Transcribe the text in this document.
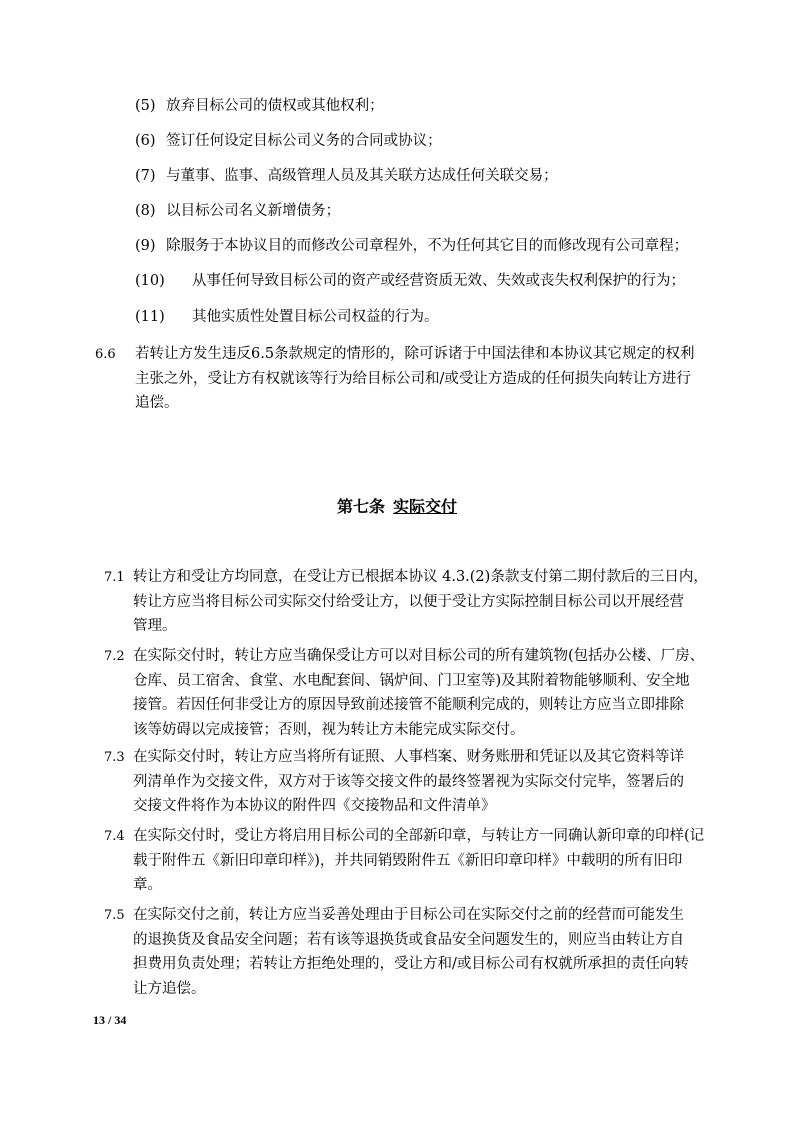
(5) 放弃目标公司的债权或其他权利；
(6) 签订任何设定目标公司义务的合同或协议；
(7) 与董事、监事、高级管理人员及其关联方达成任何关联交易；
(8) 以目标公司名义新增债务；
(9) 除服务于本协议目的而修改公司章程外，不为任何其它目的而修改现有公司章程；
(10) 从事任何导致目标公司的资产或经营资质无效、失效或丧失权利保护的行为；
(11) 其他实质性处置目标公司权益的行为。
6.6 若转让方发生违反6.5条款规定的情形的，除可诉诸于中国法律和本协议其它规定的权利
主张之外，受让方有权就该等行为给目标公司和/或受让方造成的任何损失向转让方进行
追偿。
第七条 实际交付
7.1 转让方和受让方均同意，在受让方已根据本协议 4.3.(2)条款支付第二期付款后的三日内，
转让方应当将目标公司实际交付给受让方，以便于受让方实际控制目标公司以开展经营
管理。
7.2 在实际交付时，转让方应当确保受让方可以对目标公司的所有建筑物(包括办公楼、厂房、
仓库、员工宿舍、食堂、水电配套间、锅炉间、门卫室等)及其附着物能够顺利、安全地
接管。若因任何非受让方的原因导致前述接管不能顺利完成的，则转让方应当立即排除
该等妨碍以完成接管；否则，视为转让方未能完成实际交付。
7.3 在实际交付时，转让方应当将所有证照、人事档案、财务账册和凭证以及其它资料等详
列清单作为交接文件，双方对于该等交接文件的最终签署视为实际交付完毕，签署后的
交接文件将作为本协议的附件四《交接物品和文件清单》
7.4 在实际交付时，受让方将启用目标公司的全部新印章，与转让方一同确认新印章的印样(记
载于附件五《新旧印章印样》)，并共同销毁附件五《新旧印章印样》中载明的所有旧印
章。
7.5 在实际交付之前，转让方应当妥善处理由于目标公司在实际交付之前的经营而可能发生
的退换货及食品安全问题；若有该等退换货或食品安全问题发生的，则应当由转让方自
担费用负责处理；若转让方拒绝处理的，受让方和/或目标公司有权就所承担的责任向转
让方追偿。
13 / 34
